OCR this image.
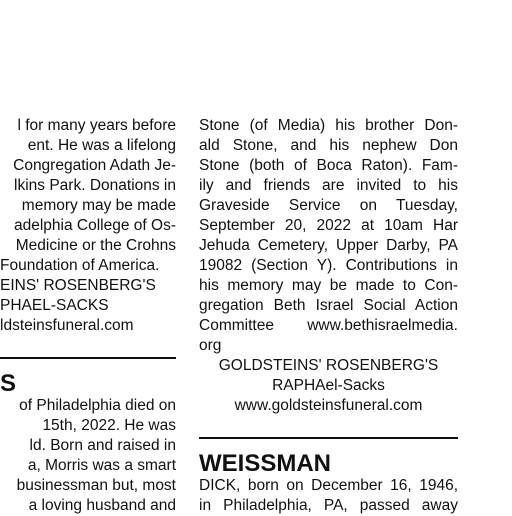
l for many years before
ent. He was a lifelong
Congregation Adath Je-
lkins Park. Donations in
memory may be made
adelphia College of Os-
Medicine or the Crohns
Foundation of America.
EINS' ROSENBERG'S
PHAEL-SACKS
ldsteinsfuneral.com
S
of Philadelphia died on
15th, 2022. He was
ld. Born and raised in
a, Morris was a smart
businessman but, most
a loving husband and
Stone (of Media) his brother Don-
ald Stone, and his nephew Don
Stone (both of Boca Raton). Fam-
ily and friends are invited to his
Graveside Service on Tuesday,
September 20, 2022 at 10am Har
Jehuda Cemetery, Upper Darby, PA
19082 (Section Y). Contributions in
his memory may be made to Con-
gregation Beth Israel Social Action
Committee www.bethisraelmedia.
org
GOLDSTEINS' ROSENBERG'S
RAPHAel-Sacks
www.goldsteinsfuneral.com
WEISSMAN
DICK, born on December 16, 1946,
in Philadelphia, PA, passed away
